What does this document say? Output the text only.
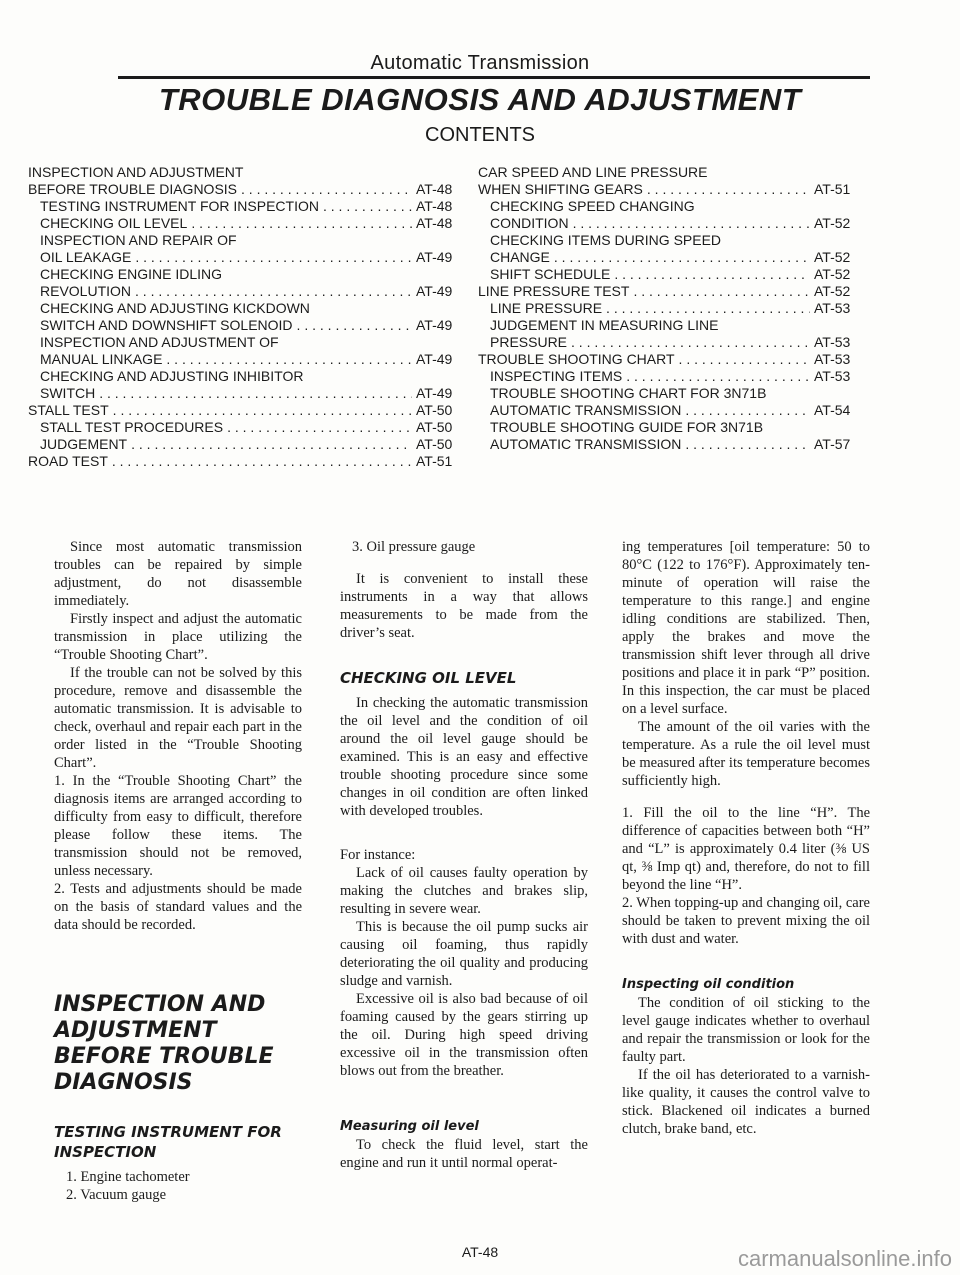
Automatic Transmission
TROUBLE DIAGNOSIS AND ADJUSTMENT
CONTENTS
INSPECTION AND ADJUSTMENT
BEFORE TROUBLE DIAGNOSIS . . .	AT-48
TESTING INSTRUMENT FOR INSPECTION . . .	AT-48
CHECKING OIL LEVEL . . .	AT-48
INSPECTION AND REPAIR OF
OIL LEAKAGE . . .	AT-49
CHECKING ENGINE IDLING
REVOLUTION . . .	AT-49
CHECKING AND ADJUSTING KICKDOWN
SWITCH AND DOWNSHIFT SOLENOID . . .	AT-49
INSPECTION AND ADJUSTMENT OF
MANUAL LINKAGE . . .	AT-49
CHECKING AND ADJUSTING INHIBITOR
SWITCH . . .	AT-49
STALL TEST . . .	AT-50
STALL TEST PROCEDURES . . .	AT-50
JUDGEMENT . . .	AT-50
ROAD TEST . . .	AT-51
CAR SPEED AND LINE PRESSURE
WHEN SHIFTING GEARS . . .	AT-51
CHECKING SPEED CHANGING
CONDITION . . .	AT-52
CHECKING ITEMS DURING SPEED
CHANGE . . .	AT-52
SHIFT SCHEDULE . . .	AT-52
LINE PRESSURE TEST . . .	AT-52
LINE PRESSURE . . .	AT-53
JUDGEMENT IN MEASURING LINE
PRESSURE . . .	AT-53
TROUBLE SHOOTING CHART . . .	AT-53
INSPECTING ITEMS . . .	AT-53
TROUBLE SHOOTING CHART FOR 3N71B
AUTOMATIC TRANSMISSION . . .	AT-54
TROUBLE SHOOTING GUIDE FOR 3N71B
AUTOMATIC TRANSMISSION . . .	AT-57

Since most automatic transmission troubles can be repaired by simple adjustment, do not disassemble immediately.

Firstly inspect and adjust the automatic transmission in place utilizing the “Trouble Shooting Chart”.

If the trouble can not be solved by this procedure, remove and disassemble the automatic transmission. It is advisable to check, overhaul and repair each part in the order listed in the “Trouble Shooting Chart”.

1. In the “Trouble Shooting Chart” the diagnosis items are arranged according to difficulty from easy to difficult, therefore please follow these items. The transmission should not be removed, unless necessary.

2. Tests and adjustments should be made on the basis of standard values and the data should be recorded.

INSPECTION AND ADJUSTMENT BEFORE TROUBLE DIAGNOSIS
TESTING INSTRUMENT FOR INSPECTION

1. Engine tachometer

2. Vacuum gauge

3. Oil pressure gauge

It is convenient to install these instruments in a way that allows measurements to be made from the driver’s seat.

CHECKING OIL LEVEL

In checking the automatic transmission the oil level and the condition of oil around the oil level gauge should be examined. This is an easy and effective trouble shooting procedure since some changes in oil condition are often linked with developed troubles.

For instance:

Lack of oil causes faulty operation by making the clutches and brakes slip, resulting in severe wear.

This is because the oil pump sucks air causing oil foaming, thus rapidly deteriorating the oil quality and producing sludge and varnish.

Excessive oil is also bad because of oil foaming caused by the gears stirring up the oil. During high speed driving excessive oil in the transmission often blows out from the breather.

Measuring oil level

To check the fluid level, start the engine and run it until normal operat-

ing temperatures [oil temperature: 50 to 80°C (122 to 176°F). Approximately ten-minute of operation will raise the temperature to this range.] and engine idling conditions are stabilized. Then, apply the brakes and move the transmission shift lever through all drive positions and place it in park “P” position. In this inspection, the car must be placed on a level surface.

The amount of the oil varies with the temperature. As a rule the oil level must be measured after its temperature becomes sufficiently high.

1. Fill the oil to the line “H”. The difference of capacities between both “H” and “L” is approximately 0.4 liter (⅜ US qt, ⅜ Imp qt) and, therefore, do not to fill beyond the line “H”.

2. When topping-up and changing oil, care should be taken to prevent mixing the oil with dust and water.

Inspecting oil condition

The condition of oil sticking to the level gauge indicates whether to overhaul and repair the transmission or look for the faulty part.

If the oil has deteriorated to a varnish-like quality, it causes the control valve to stick. Blackened oil indicates a burned clutch, brake band, etc.

AT-48	carmanualsonline.info
